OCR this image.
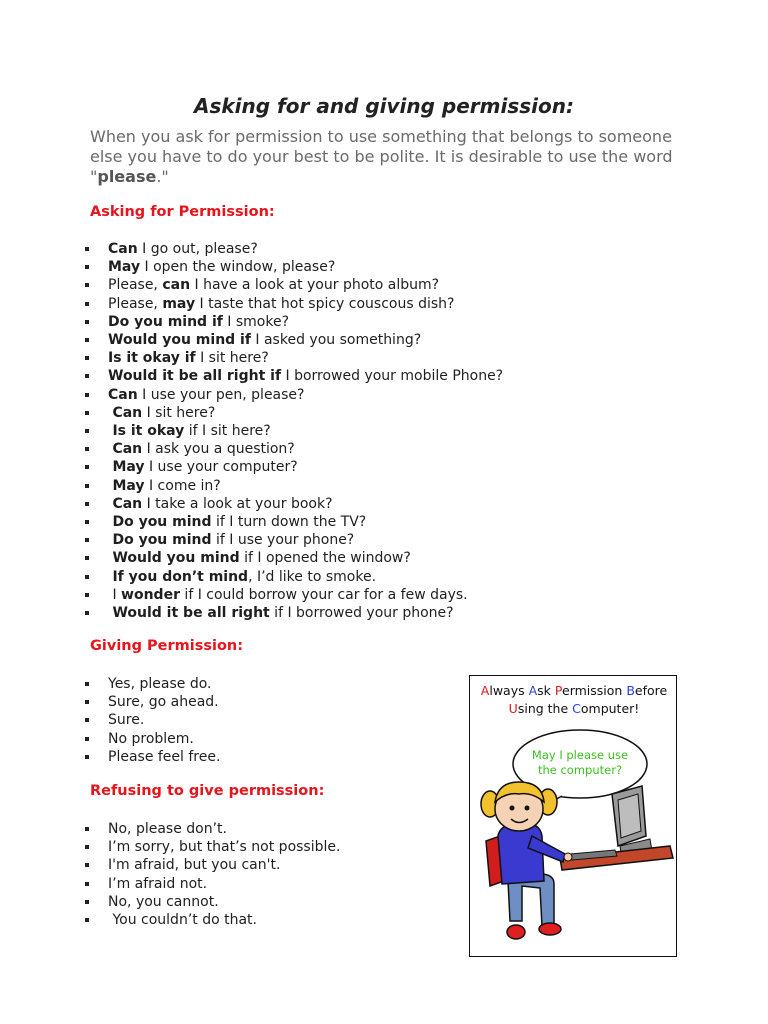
Asking for and giving permission:

When you ask for permission to use something that belongs to someone else you have to do your best to be polite. It is desirable to use the word "please."

Asking for Permission:
Can I go out, please?
May I open the window, please?
Please, can I have a look at your photo album?
Please, may I taste that hot spicy couscous dish?
Do you mind if I smoke?
Would you mind if I asked you something?
Is it okay if I sit here?
Would it be all right if I borrowed your mobile Phone?
Can I use your pen, please?
Can I sit here?
Is it okay if I sit here?
Can I ask you a question?
May I use your computer?
May I come in?
Can I take a look at your book?
Do you mind if I turn down the TV?
Do you mind if I use your phone?
Would you mind if I opened the window?
If you don’t mind, I’d like to smoke.
I wonder if I could borrow your car for a few days.
Would it be all right if I borrowed your phone?
Giving Permission:
Yes, please do.
Sure, go ahead.
Sure.
No problem.
Please feel free.
Refusing to give permission:
No, please don’t.
I’m sorry, but that’s not possible.
I'm afraid, but you can't.
I’m afraid not.
No, you cannot.
You couldn’t do that.
Always Ask Permission Before
Using the Computer!
May I please use
the computer?
